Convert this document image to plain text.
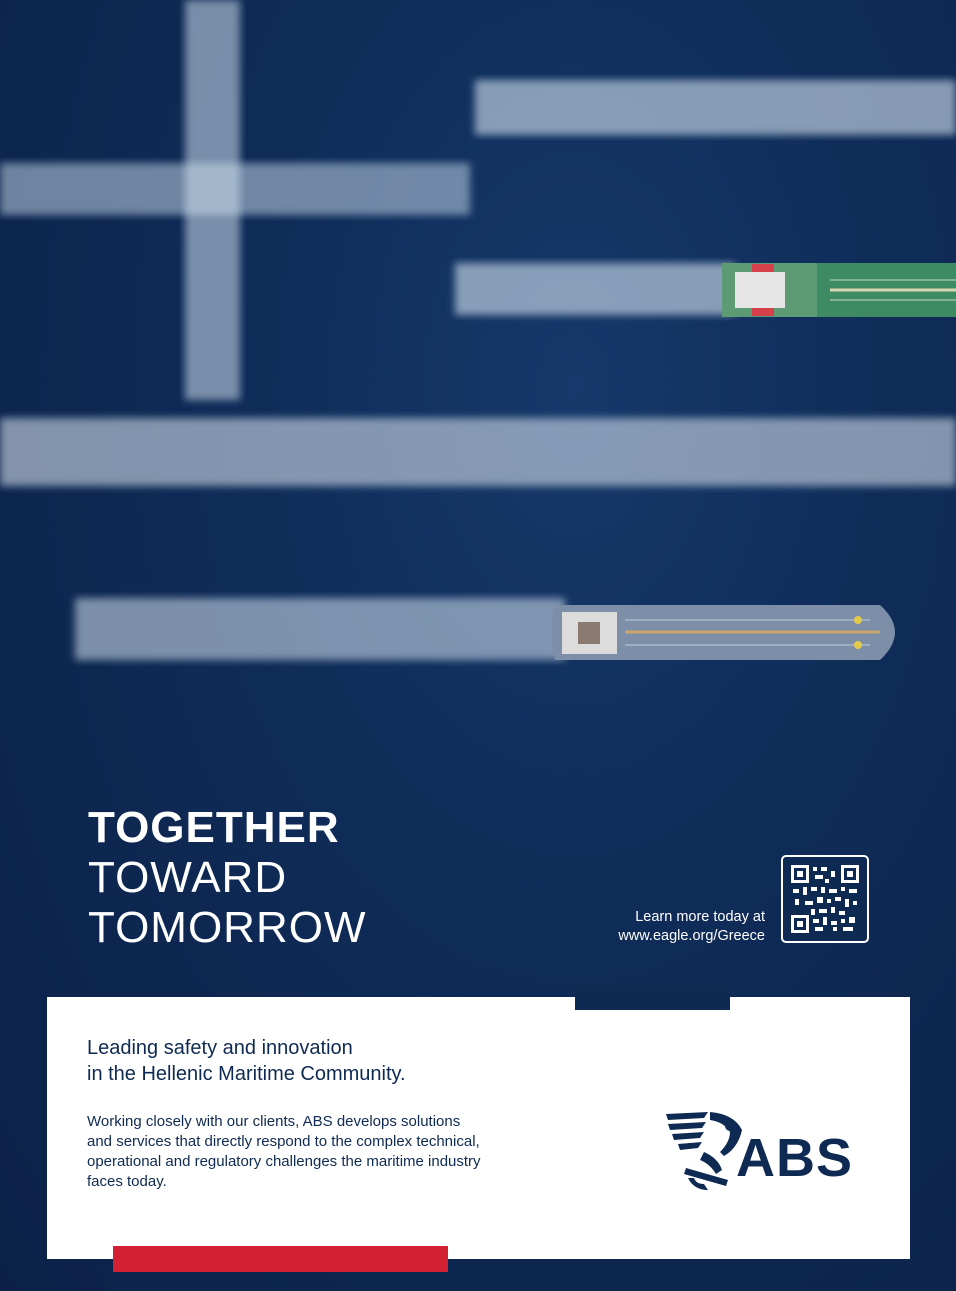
TOGETHER
TOWARD
TOMORROW	Learn more today at
www.eagle.org/Greece
Leading safety and innovation
in the Hellenic Maritime Community.
Working closely with our clients, ABS develops solutions
and services that directly respond to the complex technical,
operational and regulatory challenges the maritime industry
faces today.	ABS
